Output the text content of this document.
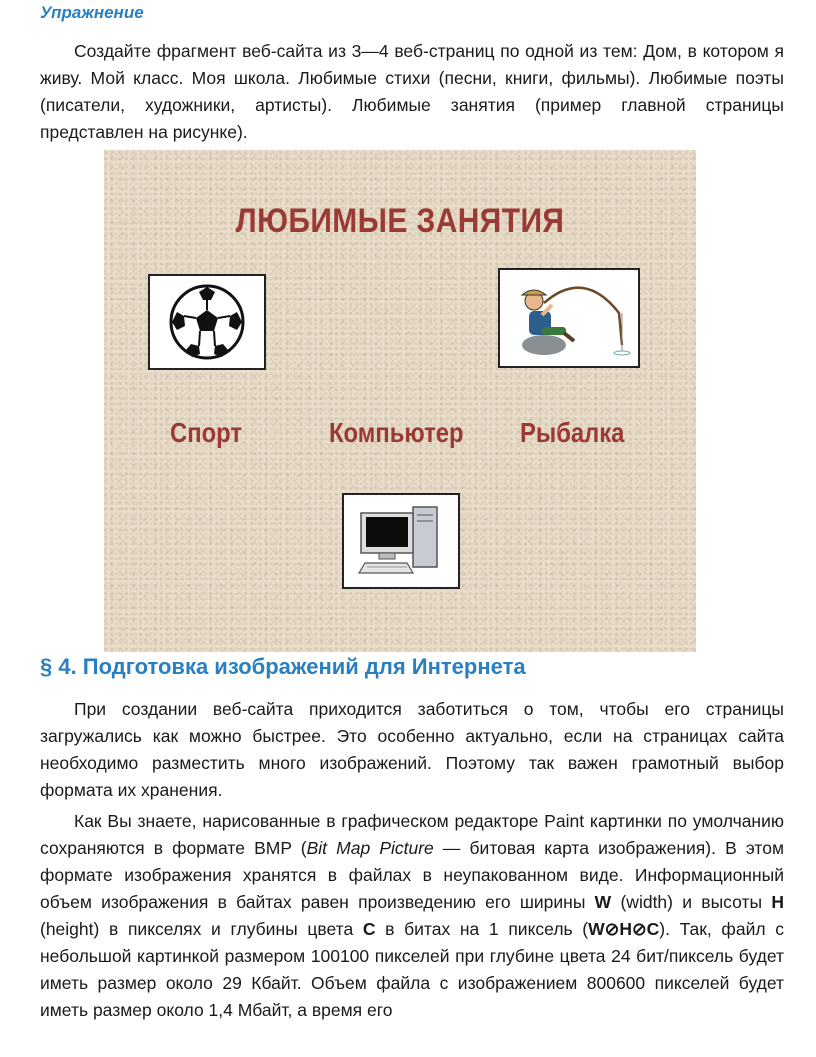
Упражнение

Создайте фрагмент веб-сайта из 3—4 веб-страниц по одной из тем: Дом, в котором я живу. Мой класс. Моя школа. Любимые стихи (песни, книги, фильмы). Любимые поэты (писатели, художники, артисты). Любимые занятия (пример главной страницы представлен на рисунке).

ЛЮБИМЫЕ ЗАНЯТИЯ
Спорт	Компьютер Рыбалка
§ 4. Подготовка изображений для Интернета

При создании веб-сайта приходится заботиться о том, чтобы его страницы загружались как можно быстрее. Это особенно актуально, если на страницах сайта необходимо разместить много изображений. Поэтому так важен грамотный выбор формата их хранения.

Как Вы знаете, нарисованные в графическом редакторе Paint картинки по умолчанию сохраняются в формате BMP (Bit Map Picture — битовая карта изображения). В этом формате изображения хранятся в файлах в неупакованном виде. Информационный объем изображения в байтах равен произведению его ширины W (width) и высоты H (height) в пикселях и глубины цвета C в битах на 1 пиксель (W⊘H⊘C). Так, файл с небольшой картинкой размером 100100 пикселей при глубине цвета 24 бит/пиксель будет иметь размер около 29 Кбайт. Объем файла с изображением 800600 пикселей будет иметь размер около 1,4 Мбайт, а время его
